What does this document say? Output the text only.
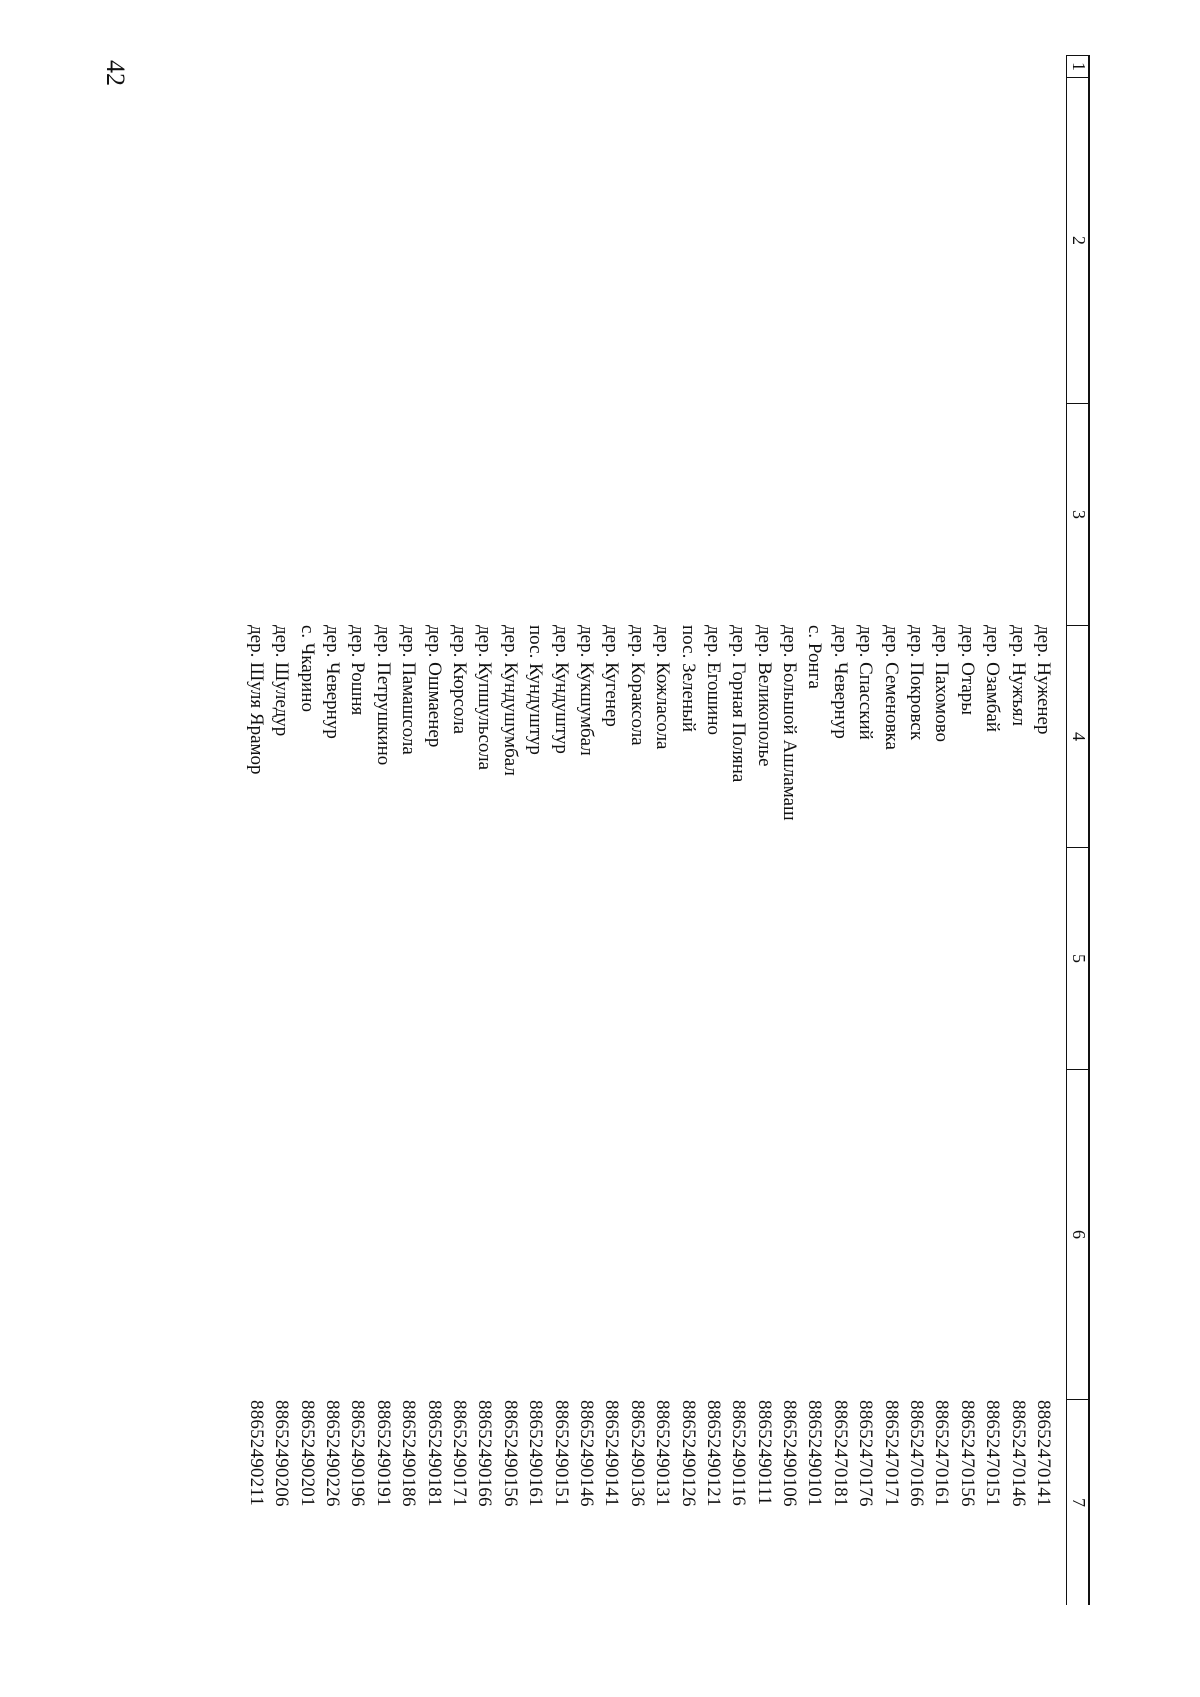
42	1
2
3
4
5
6
7
дер. Нуженер
88652470141
дер. Нужъял
88652470146
дер. Озамбай
88652470151
дер. Отары
88652470156
дер. Пахомово
88652470161
дер. Покровск
88652470166
дер. Семеновка
88652470171
дер. Спасский
88652470176
дер. Чевернур
88652470181
с. Ронга
88652490101
дер. Большой Ашламаш
88652490106
дер. Великополье
88652490111
дер. Горная Поляна
88652490116
дер. Егошино
88652490121
пос. Зеленый
88652490126
дер. Кожласола
88652490131
дер. Кораксола
88652490136
дер. Кугенер
88652490141
дер. Кукшумбал
88652490146
дер. Кундуштур
88652490151
пос. Кундуштур
88652490161
дер. Кундушумбал
88652490156
дер. Купшульсола
88652490166
дер. Кюрсола
88652490171
дер. Ошмаенер
88652490181
дер. Памашсола
88652490186
дер. Петрушкино
88652490191
дер. Рошня
88652490196
дер. Чевернур
88652490226
с. Чкарино
88652490201
дер. Шуледур
88652490206
дер. Шуля Ярамор
88652490211
